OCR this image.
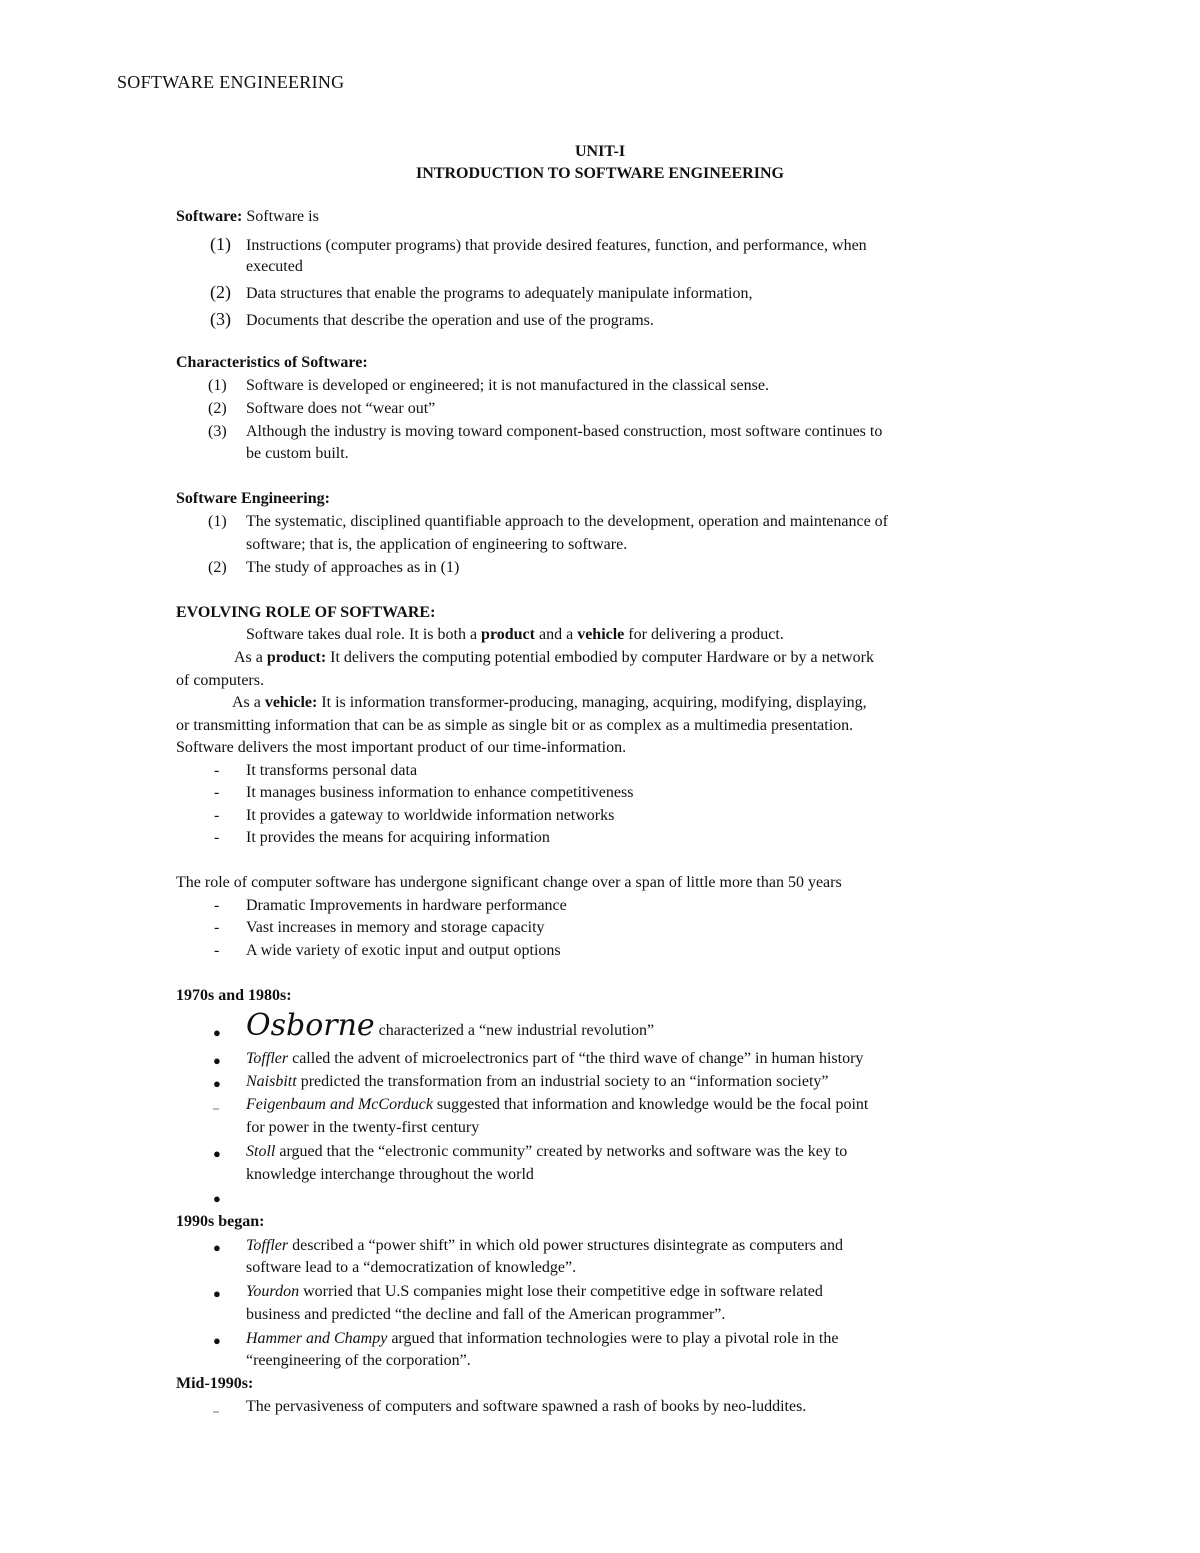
SOFTWARE ENGINEERING
UNIT-I
INTRODUCTION TO SOFTWARE ENGINEERING
Software: Software is
(1) Instructions (computer programs) that provide desired features, function, and performance, when
executed
(2) Data structures that enable the programs to adequately manipulate information,
(3) Documents that describe the operation and use of the programs.
Characteristics of Software:
(1) Software is developed or engineered; it is not manufactured in the classical sense.
(2) Software does not “wear out”
(3) Although the industry is moving toward component-based construction, most software continues to
be custom built.
Software Engineering:
(1) The systematic, disciplined quantifiable approach to the development, operation and maintenance of
software; that is, the application of engineering to software.
(2) The study of approaches as in (1)
EVOLVING ROLE OF SOFTWARE:
Software takes dual role. It is both a product and a vehicle for delivering a product.
As a product: It delivers the computing potential embodied by computer Hardware or by a network
of computers.
As a vehicle: It is information transformer-producing, managing, acquiring, modifying, displaying,
or transmitting information that can be as simple as single bit or as complex as a multimedia presentation.
Software delivers the most important product of our time-information.
- It transforms personal data
- It manages business information to enhance competitiveness
- It provides a gateway to worldwide information networks
- It provides the means for acquiring information
The role of computer software has undergone significant change over a span of little more than 50 years
- Dramatic Improvements in hardware performance
- Vast increases in memory and storage capacity
- A wide variety of exotic input and output options
1970s and 1980s:
● Osborne characterized a “new industrial revolution”
● Toffler called the advent of microelectronics part of “the third wave of change” in human history
● Naisbitt predicted the transformation from an industrial society to an “information society”
⎯ Feigenbaum and McCorduck suggested that information and knowledge would be the focal point
for power in the twenty-first century
● Stoll argued that the “electronic community” created by networks and software was the key to
knowledge interchange throughout the world
●
1990s began:
● Toffler described a “power shift” in which old power structures disintegrate as computers and
software lead to a “democratization of knowledge”.
● Yourdon worried that U.S companies might lose their competitive edge in software related
business and predicted “the decline and fall of the American programmer”.
● Hammer and Champy argued that information technologies were to play a pivotal role in the
“reengineering of the corporation”.
Mid-1990s:
⎯ The pervasiveness of computers and software spawned a rash of books by neo-luddites.
